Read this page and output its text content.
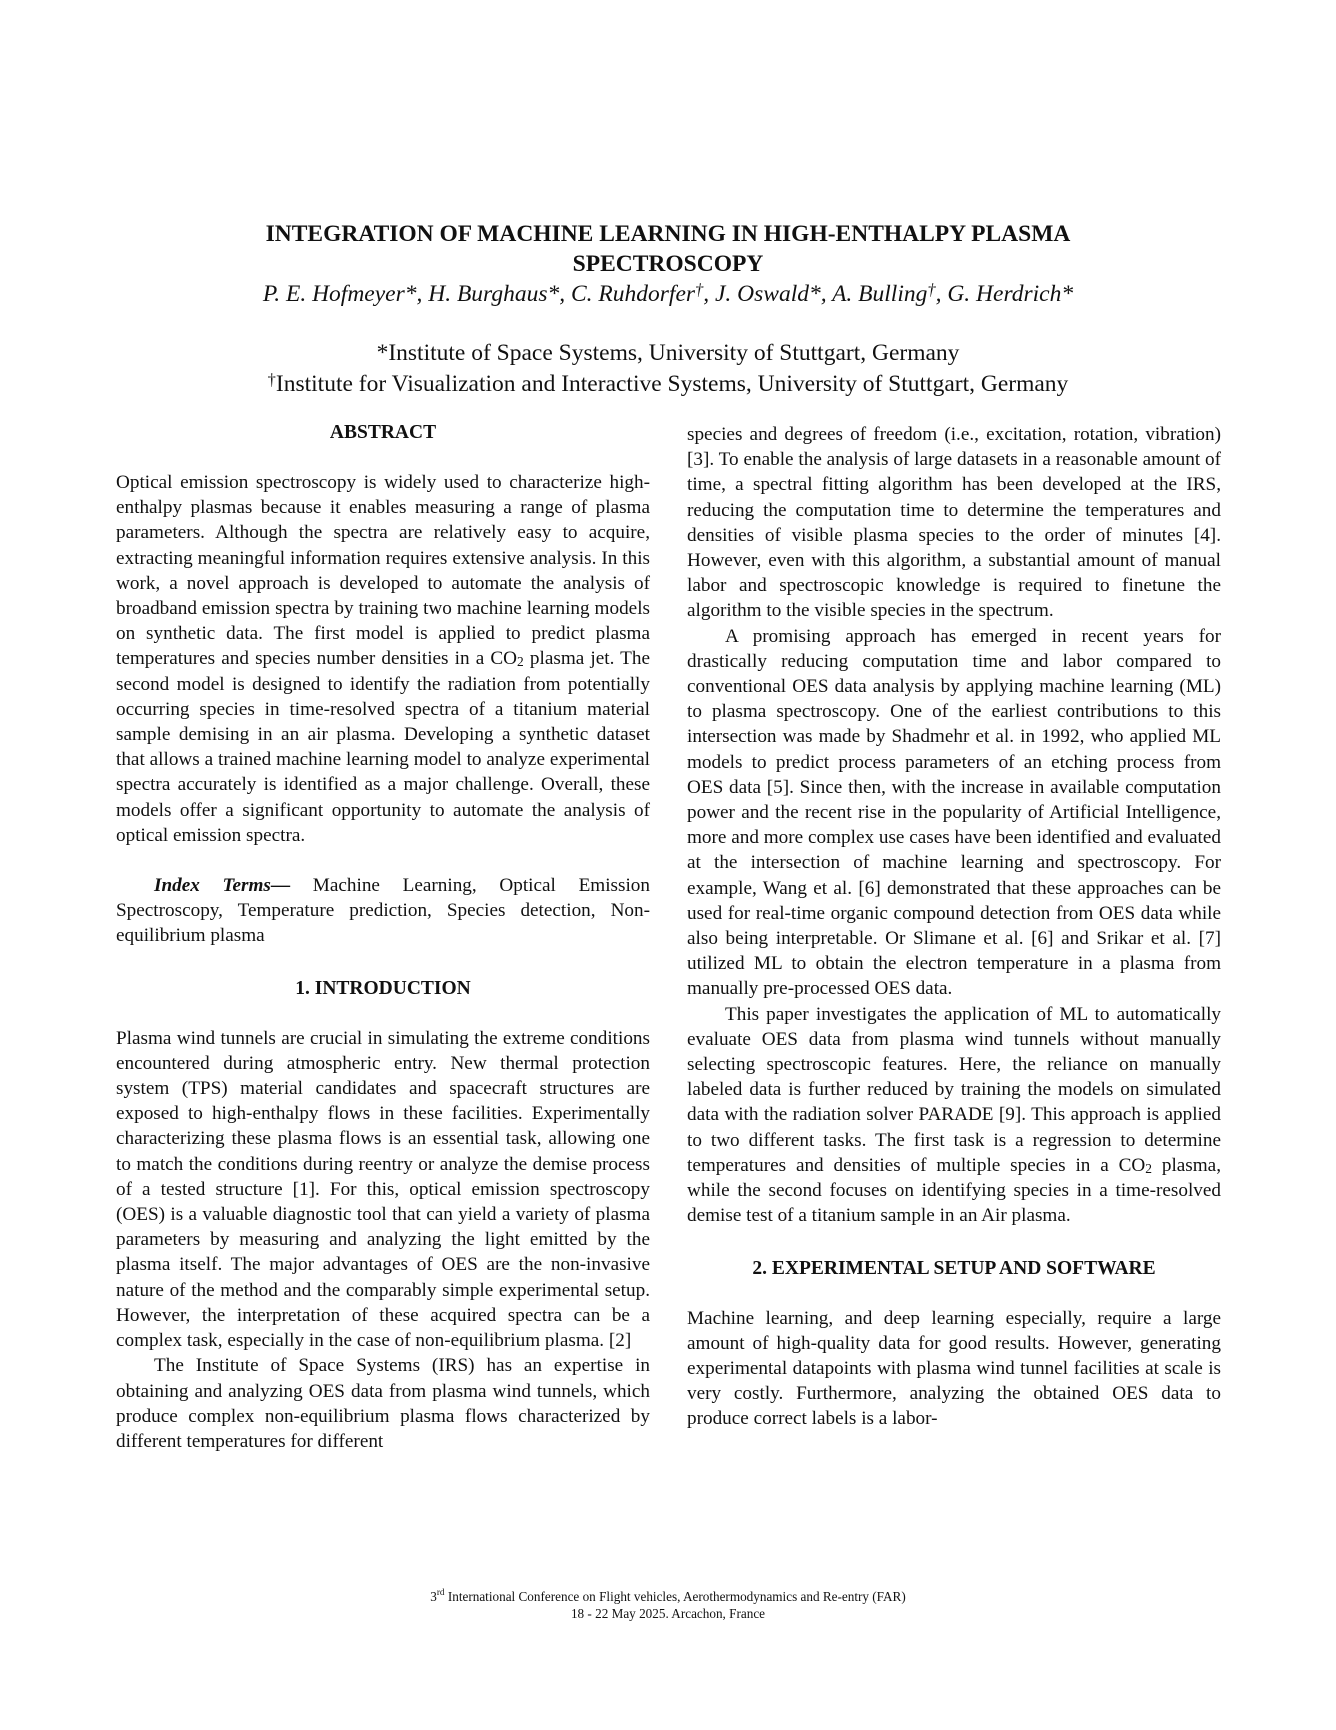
INTEGRATION OF MACHINE LEARNING IN HIGH-ENTHALPY PLASMA
SPECTROSCOPY
P. E. Hofmeyer*, H. Burghaus*, C. Ruhdorfer†, J. Oswald*, A. Bulling†, G. Herdrich*
*Institute of Space Systems, University of Stuttgart, Germany
†Institute for Visualization and Interactive Systems, University of Stuttgart, Germany

ABSTRACT

Optical emission spectroscopy is widely used to characterize high-enthalpy plasmas because it enables measuring a range of plasma parameters. Although the spectra are relatively easy to acquire, extracting meaningful information requires extensive analysis. In this work, a novel approach is developed to automate the analysis of broadband emission spectra by training two machine learning models on synthetic data. The first model is applied to predict plasma temperatures and species number densities in a $CO_2$ plasma jet. The second model is designed to identify the radiation from potentially occurring species in time-resolved spectra of a titanium material sample demising in an air plasma. Developing a synthetic dataset that allows a trained machine learning model to analyze experimental spectra accurately is identified as a major challenge. Overall, these models offer a significant opportunity to automate the analysis of optical emission spectra.

Index Terms— Machine Learning, Optical Emission Spectroscopy, Temperature prediction, Species detection, Non-equilibrium plasma

1. INTRODUCTION

Plasma wind tunnels are crucial in simulating the extreme conditions encountered during atmospheric entry. New thermal protection system (TPS) material candidates and spacecraft structures are exposed to high-enthalpy flows in these facilities. Experimentally characterizing these plasma flows is an essential task, allowing one to match the conditions during reentry or analyze the demise process of a tested structure [1]. For this, optical emission spectroscopy (OES) is a valuable diagnostic tool that can yield a variety of plasma parameters by measuring and analyzing the light emitted by the plasma itself. The major advantages of OES are the non-invasive nature of the method and the comparably simple experimental setup. However, the interpretation of these acquired spectra can be a complex task, especially in the case of non-equilibrium plasma. [2]

The Institute of Space Systems (IRS) has an expertise in obtaining and analyzing OES data from plasma wind tunnels, which produce complex non-equilibrium plasma flows characterized by different temperatures for different

species and degrees of freedom (i.e., excitation, rotation, vibration) [3]. To enable the analysis of large datasets in a reasonable amount of time, a spectral fitting algorithm has been developed at the IRS, reducing the computation time to determine the temperatures and densities of visible plasma species to the order of minutes [4]. However, even with this algorithm, a substantial amount of manual labor and spectroscopic knowledge is required to finetune the algorithm to the visible species in the spectrum.

A promising approach has emerged in recent years for drastically reducing computation time and labor compared to conventional OES data analysis by applying machine learning (ML) to plasma spectroscopy. One of the earliest contributions to this intersection was made by Shadmehr et al. in 1992, who applied ML models to predict process parameters of an etching process from OES data [5]. Since then, with the increase in available computation power and the recent rise in the popularity of Artificial Intelligence, more and more complex use cases have been identified and evaluated at the intersection of machine learning and spectroscopy. For example, Wang et al. [6] demonstrated that these approaches can be used for real-time organic compound detection from OES data while also being interpretable. Or Slimane et al. [6] and Srikar et al. [7] utilized ML to obtain the electron temperature in a plasma from manually pre-processed OES data.

This paper investigates the application of ML to automatically evaluate OES data from plasma wind tunnels without manually selecting spectroscopic features. Here, the reliance on manually labeled data is further reduced by training the models on simulated data with the radiation solver PARADE [9]. This approach is applied to two different tasks. The first task is a regression to determine temperatures and densities of multiple species in a $CO_2$ plasma, while the second focuses on identifying species in a time-resolved demise test of a titanium sample in an Air plasma.

2. EXPERIMENTAL SETUP AND SOFTWARE

Machine learning, and deep learning especially, require a large amount of high-quality data for good results. However, generating experimental datapoints with plasma wind tunnel facilities at scale is very costly. Furthermore, analyzing the obtained OES data to produce correct labels is a labor-

3rd International Conference on Flight vehicles, Aerothermodynamics and Re-entry (FAR)
18 - 22 May 2025. Arcachon, France
